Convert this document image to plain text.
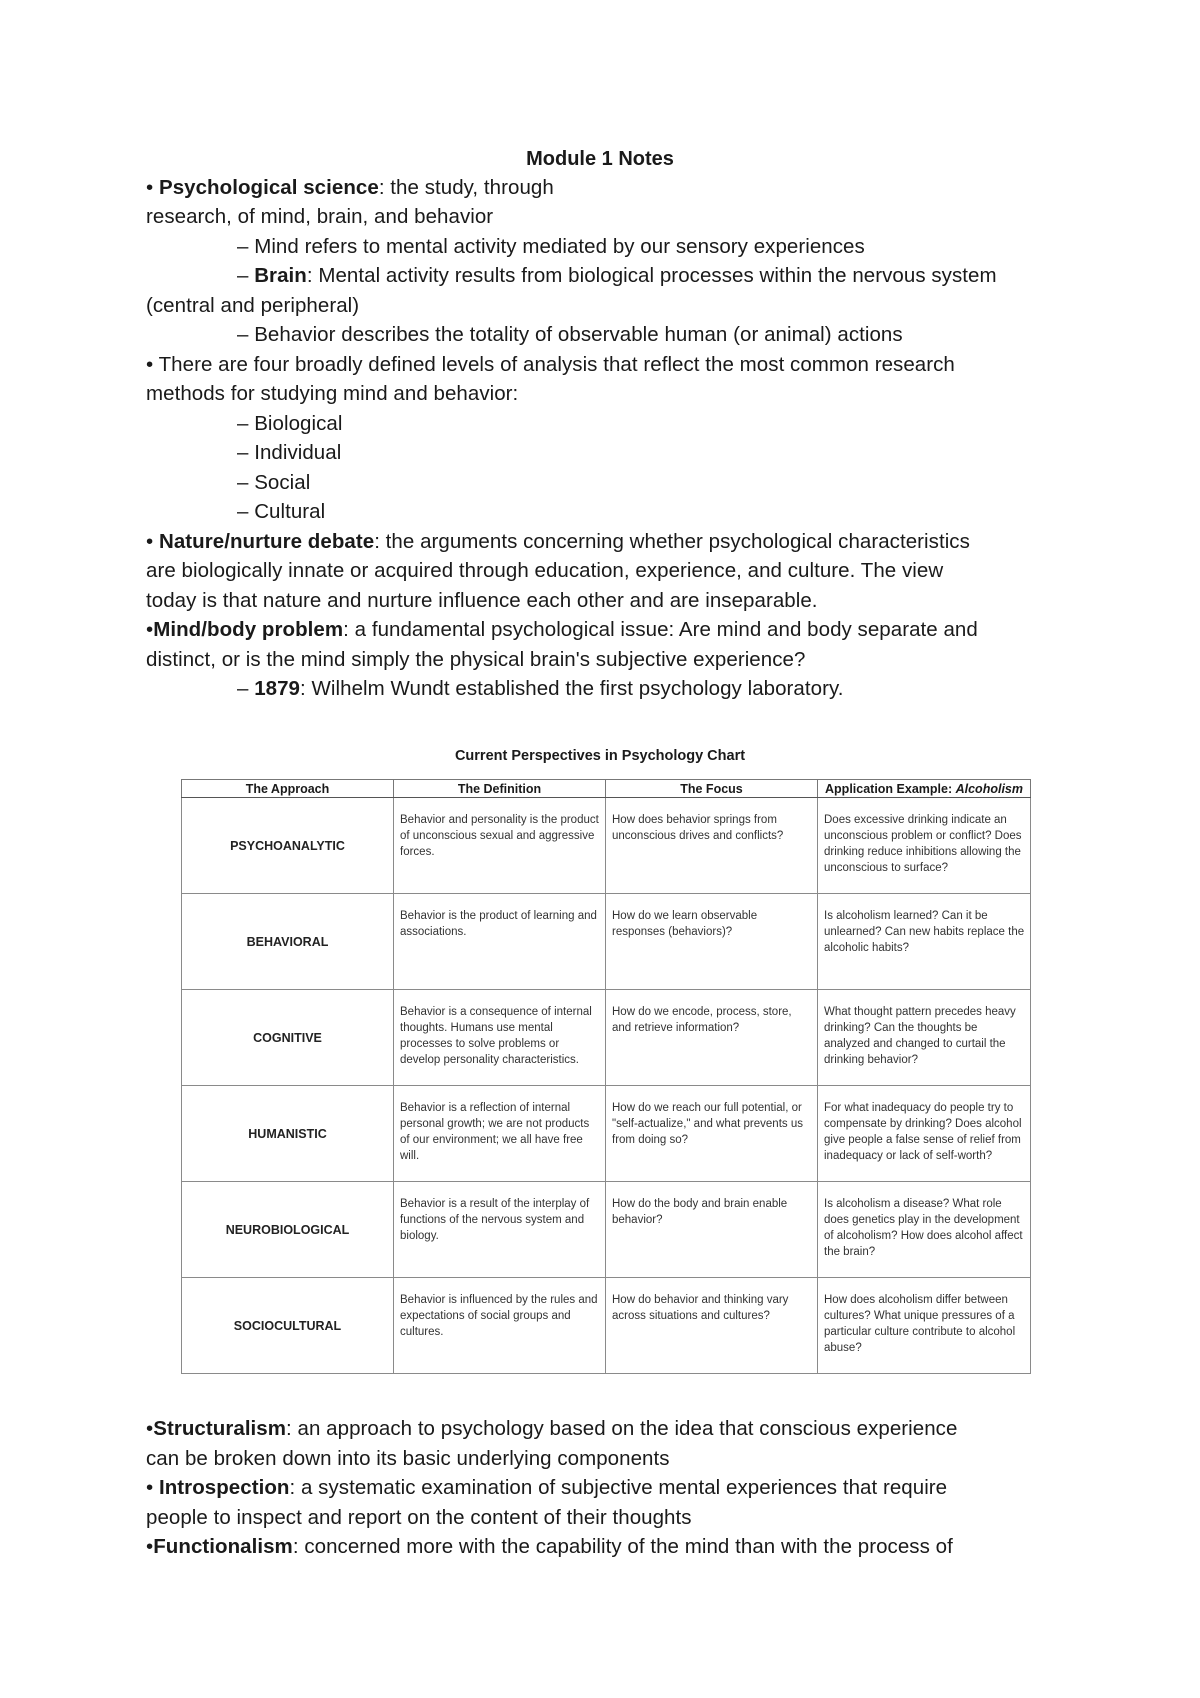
Module 1 Notes
• Psychological science: the study, through
research, of mind, brain, and behavior
– Mind refers to mental activity mediated by our sensory experiences
– Brain: Mental activity results from biological processes within the nervous system
(central and peripheral)
– Behavior describes the totality of observable human (or animal) actions
• There are four broadly defined levels of analysis that reflect the most common research
methods for studying mind and behavior:
– Biological
– Individual
– Social
– Cultural
• Nature/nurture debate: the arguments concerning whether psychological characteristics
are biologically innate or acquired through education, experience, and culture. The view
today is that nature and nurture influence each other and are inseparable.
•Mind/body problem: a fundamental psychological issue: Are mind and body separate and
distinct, or is the mind simply the physical brain's subjective experience?
– 1879: Wilhelm Wundt established the first psychology laboratory.
Current Perspectives in Psychology Chart
The Approach	The Definition	The Focus	Application Example: Alcoholism
PSYCHOANALYTIC	Behavior and personality is the product of unconscious sexual and aggressive forces.	How does behavior springs from unconscious drives and conflicts?	Does excessive drinking indicate an unconscious problem or conflict? Does drinking reduce inhibitions allowing the unconscious to surface?

BEHAVIORAL	Behavior is the product of learning and associations.	How do we learn observable responses (behaviors)?	Is alcoholism learned? Can it be unlearned? Can new habits replace the alcoholic habits?

COGNITIVE	Behavior is a consequence of internal thoughts. Humans use mental processes to solve problems or develop personality characteristics.	How do we encode, process, store, and retrieve information?	What thought pattern precedes heavy drinking? Can the thoughts be analyzed and changed to curtail the drinking behavior?

HUMANISTIC	Behavior is a reflection of internal personal growth; we are not products of our environment; we all have free will.	How do we reach our full potential, or "self-actualize," and what prevents us from doing so?	For what inadequacy do people try to compensate by drinking? Does alcohol give people a false sense of relief from inadequacy or lack of self-worth?

NEUROBIOLOGICAL	Behavior is a result of the interplay of functions of the nervous system and biology.	How do the body and brain enable behavior?	Is alcoholism a disease? What role does genetics play in the development of alcoholism? How does alcohol affect the brain?

SOCIOCULTURAL	Behavior is influenced by the rules and expectations of social groups and cultures.	How do behavior and thinking vary across situations and cultures?	How does alcoholism differ between cultures? What unique pressures of a particular culture contribute to alcohol abuse?
•Structuralism: an approach to psychology based on the idea that conscious experience
can be broken down into its basic underlying components
• Introspection: a systematic examination of subjective mental experiences that require
people to inspect and report on the content of their thoughts
•Functionalism: concerned more with the capability of the mind than with the process of
